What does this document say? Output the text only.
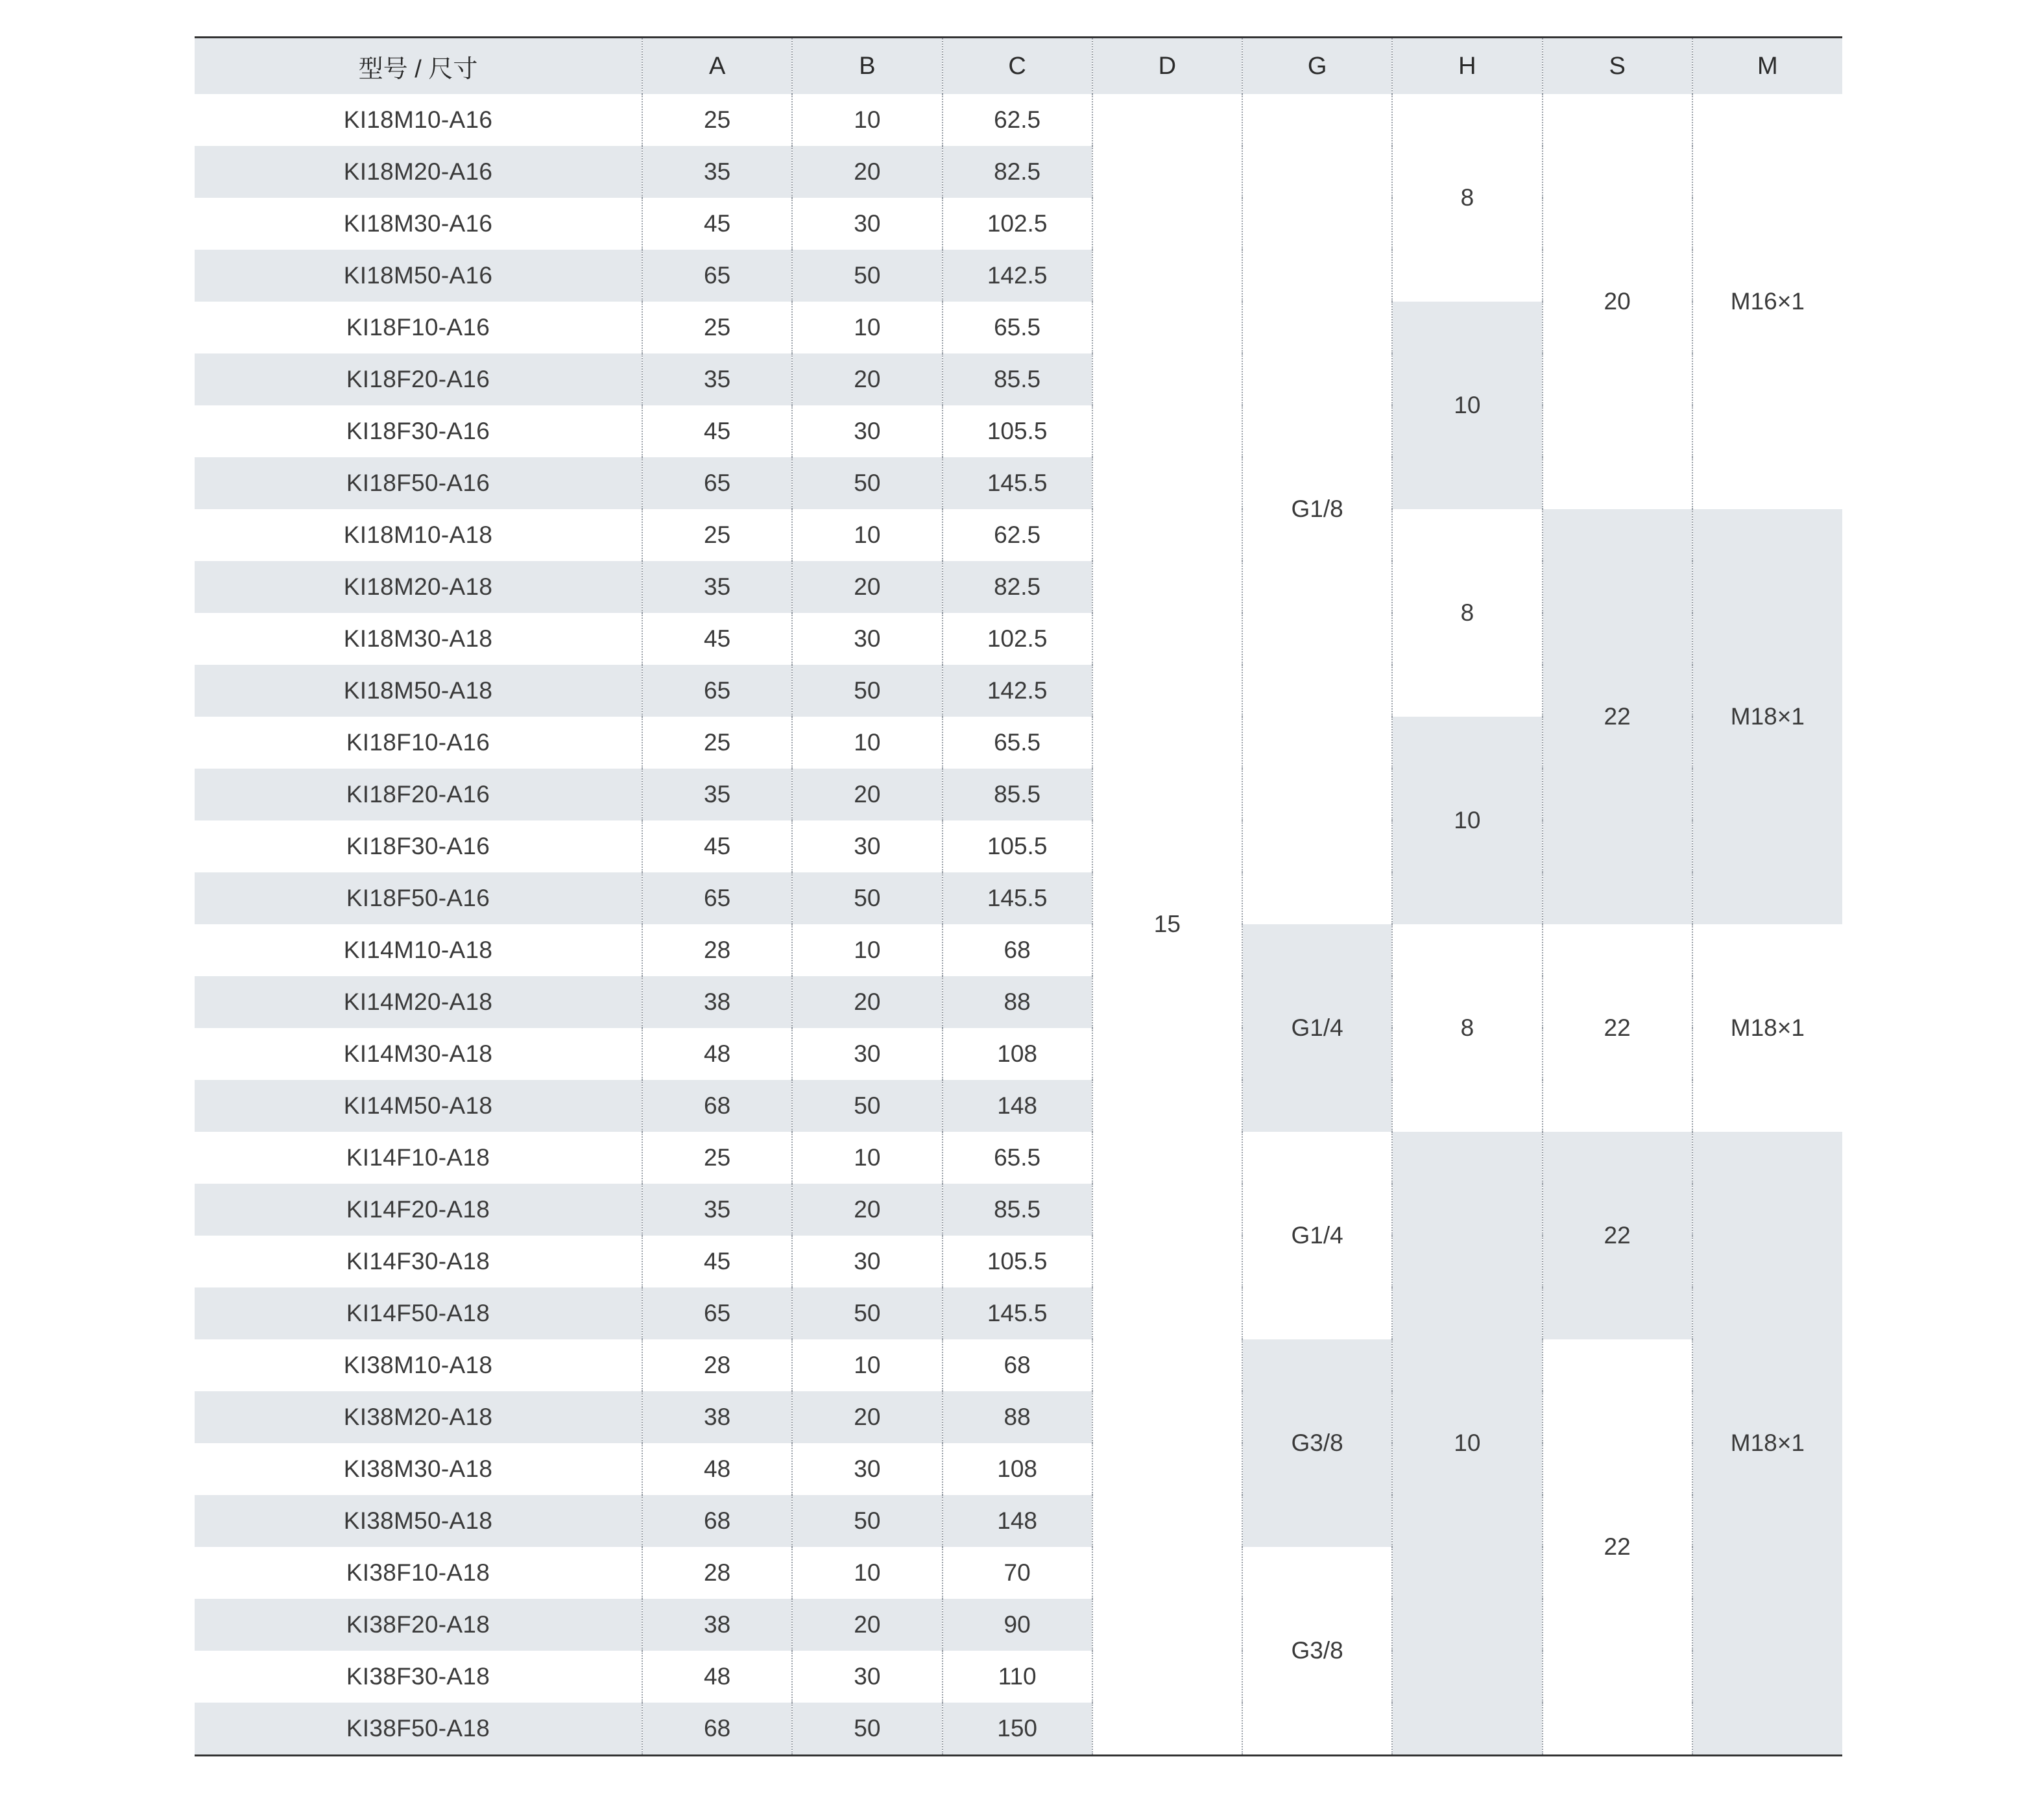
型号 / 尺寸	A	B	C	D	G	H	S	M
KI18M10-A16	25	10	62.5	15	G1/8	8	20	M16×1
KI18M20-A16	35	20	82.5					
KI18M30-A16	45	30	102.5					
KI18M50-A16	65	50	142.5					
KI18F10-A16	25	10	65.5			10		
KI18F20-A16	35	20	85.5					
KI18F30-A16	45	30	105.5					
KI18F50-A16	65	50	145.5					
KI18M10-A18	25	10	62.5			8	22	M18×1
KI18M20-A18	35	20	82.5					
KI18M30-A18	45	30	102.5					
KI18M50-A18	65	50	142.5					
KI18F10-A16	25	10	65.5			10		
KI18F20-A16	35	20	85.5					
KI18F30-A16	45	30	105.5					
KI18F50-A16	65	50	145.5					
KI14M10-A18	28	10	68		G1/4	8	22	M18×1
KI14M20-A18	38	20	88					
KI14M30-A18	48	30	108					
KI14M50-A18	68	50	148					
KI14F10-A18	25	10	65.5		G1/4	10	22	M18×1
KI14F20-A18	35	20	85.5					
KI14F30-A18	45	30	105.5					
KI14F50-A18	65	50	145.5					
KI38M10-A18	28	10	68		G3/8		22	
KI38M20-A18	38	20	88					
KI38M30-A18	48	30	108					
KI38M50-A18	68	50	148					
KI38F10-A18	28	10	70		G3/8			
KI38F20-A18	38	20	90					
KI38F30-A18	48	30	110					
KI38F50-A18	68	50	150					
